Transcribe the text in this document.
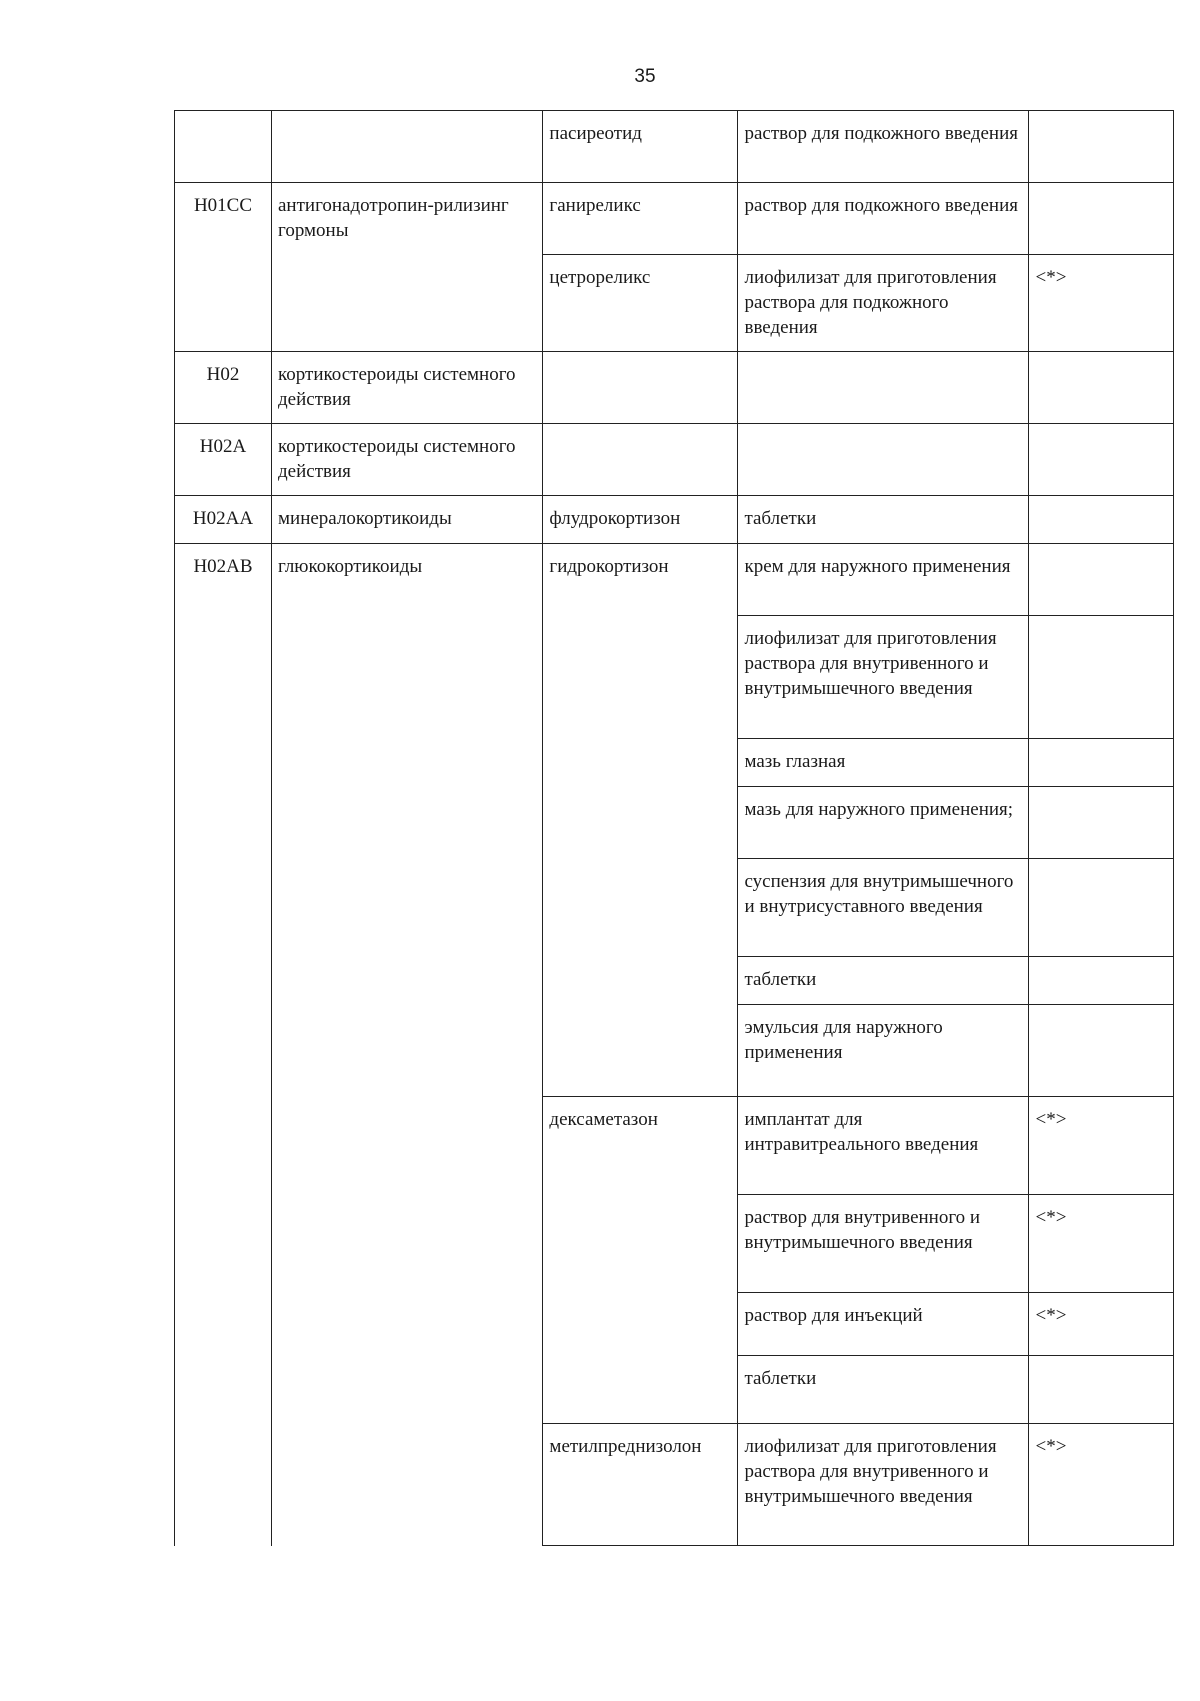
35
		пасиреотид	раствор для подкожного введения	
H01CC	антигонадотропин-рилизинг гормоны	ганиреликс	раствор для подкожного введения	
		цетрореликс	лиофилизат для приготовления раствора для подкожного введения	<*>
H02	кортикостероиды системного действия			
H02A	кортикостероиды системного действия			
H02AA	минералокортикоиды	флудрокортизон	таблетки	
H02AB	глюкокортикоиды	гидрокортизон	крем для наружного применения	
			лиофилизат для приготовления раствора для внутривенного и внутримышечного введения	
			мазь глазная	
			мазь для наружного применения;	
			суспензия для внутримышечного и внутрисуставного введения	
			таблетки	
			эмульсия для наружного применения	
		дексаметазон	имплантат для интравитреального введения	<*>
			раствор для внутривенного и внутримышечного введения	<*>
			раствор для инъекций	<*>
			таблетки	
		метилпреднизолон	лиофилизат для приготовления раствора для внутривенного и внутримышечного введения	<*>
